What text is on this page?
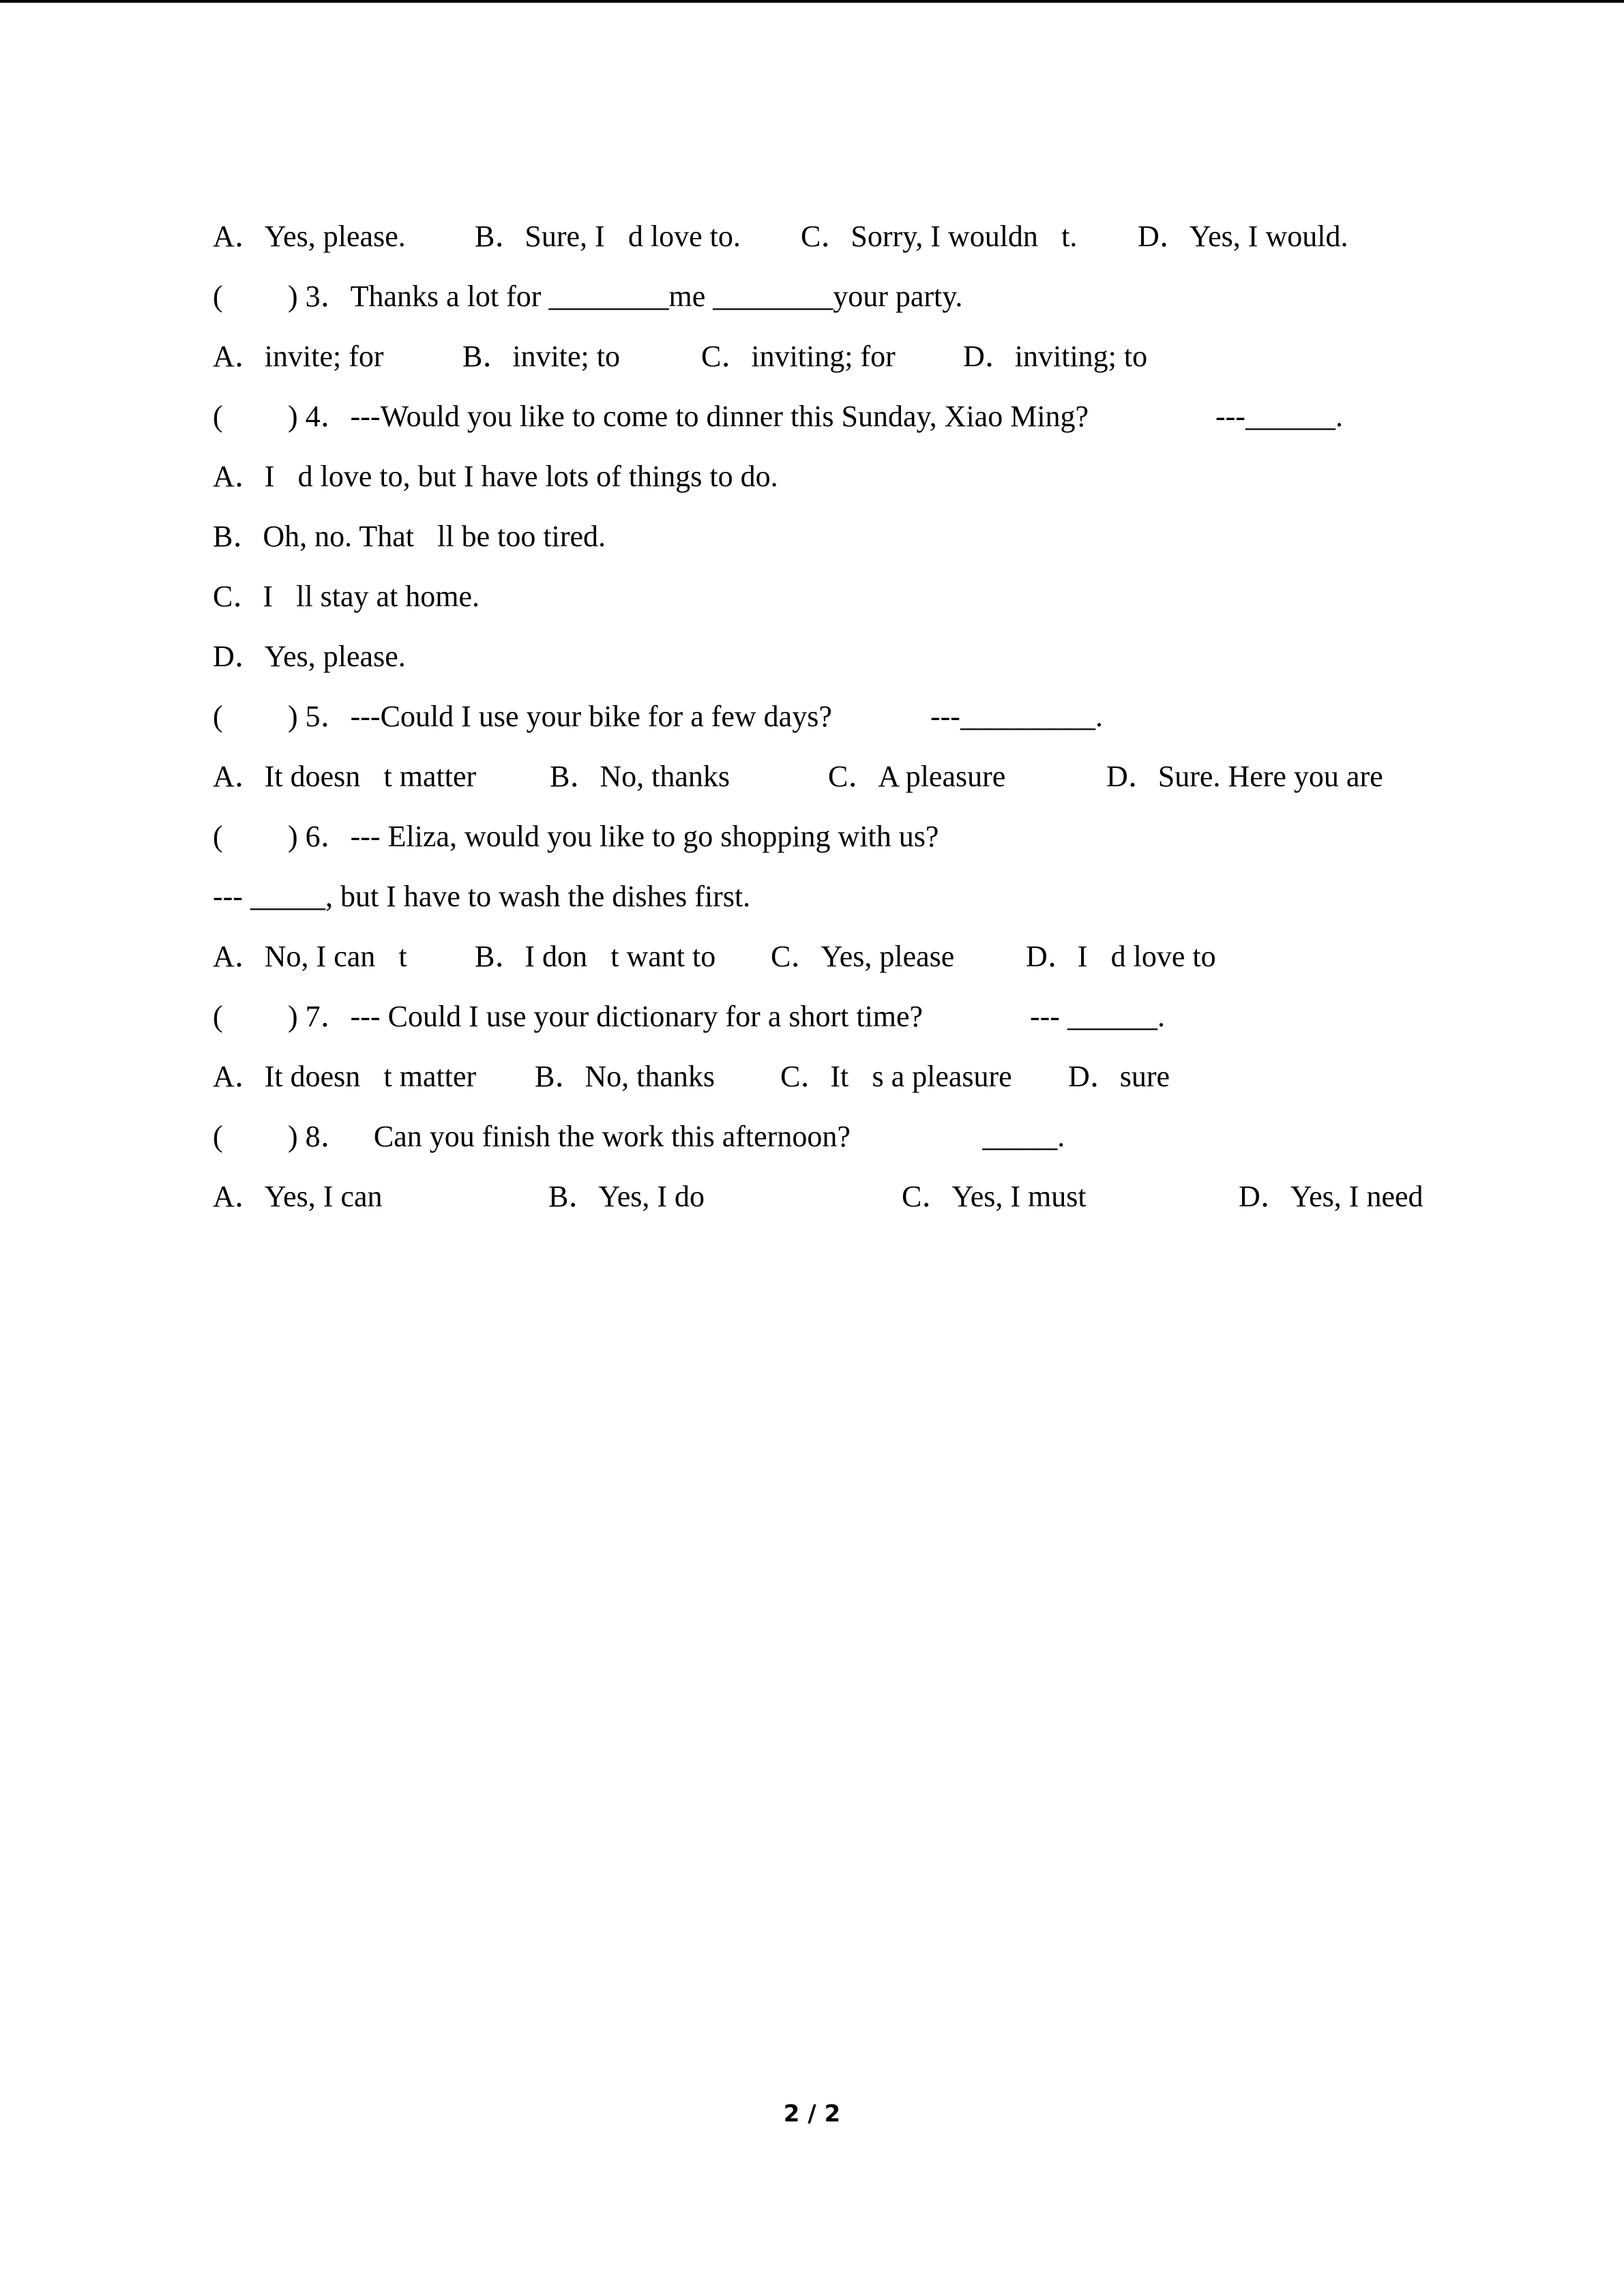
A．Yes, please.

B．Sure, I d love to.

C．Sorry, I wouldn t.

D．Yes, I would.

(

) 3．Thanks a lot for ________me ________your party.

A．invite; for

	B．invite; to

	C．inviting; for

D．inviting; to

(

) 4．---Would you like to come to dinner this Sunday, Xiao Ming?

	---______.

A．I d love to, but I have lots of things to do.

B．Oh, no. That ll be too tired.

C．I ll stay at home.

D．Yes, please.

(

) 5．---Could I use your bike for a few days?

	---_________.

A．It doesn t matter

B．No, thanks

	C．A pleasure

	D．Sure. Here you are

(

) 6．--- Eliza, would you like to go shopping with us?

--- _____, but I have to wash the dishes first.

A．No, I can t

B．I don t want to

C．Yes, please

D．I d love to

(

) 7．--- Could I use your dictionary for a short time?

	--- ______.

A．It doesn t matter

B．No, thanks

C．It s a pleasure

D．sure

(

) 8． Can you finish the work this afternoon? 

	 _____. 

A．Yes, I can

	B．Yes, I do

	C．Yes, I must

	D．Yes, I need

2 / 2
